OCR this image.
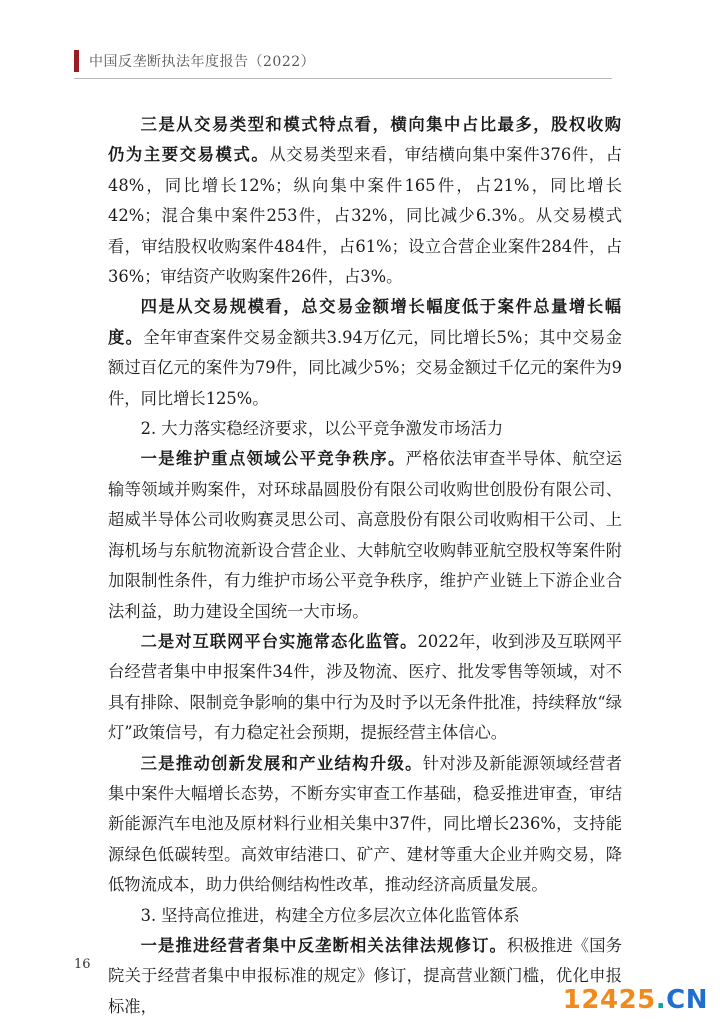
中国反垄断执法年度报告（2022）

三是从交易类型和模式特点看，横向集中占比最多，股权收购仍为主要交易模式。从交易类型来看，审结横向集中案件376件，占48%，同比增长12%；纵向集中案件165件，占21%，同比增长42%；混合集中案件253件，占32%，同比减少6.3%。从交易模式看，审结股权收购案件484件，占61%；设立合营企业案件284件，占36%；审结资产收购案件26件，占3%。

四是从交易规模看，总交易金额增长幅度低于案件总量增长幅度。全年审查案件交易金额共3.94万亿元，同比增长5%；其中交易金额过百亿元的案件为79件，同比减少5%；交易金额过千亿元的案件为9件，同比增长125%。

2. 大力落实稳经济要求，以公平竞争激发市场活力

一是维护重点领域公平竞争秩序。严格依法审查半导体、航空运输等领域并购案件，对环球晶圆股份有限公司收购世创股份有限公司、超威半导体公司收购赛灵思公司、高意股份有限公司收购相干公司、上海机场与东航物流新设合营企业、大韩航空收购韩亚航空股权等案件附加限制性条件，有力维护市场公平竞争秩序，维护产业链上下游企业合法利益，助力建设全国统一大市场。

二是对互联网平台实施常态化监管。2022年，收到涉及互联网平台经营者集中申报案件34件，涉及物流、医疗、批发零售等领域，对不具有排除、限制竞争影响的集中行为及时予以无条件批准，持续释放“绿灯”政策信号，有力稳定社会预期，提振经营主体信心。

三是推动创新发展和产业结构升级。针对涉及新能源领域经营者集中案件大幅增长态势，不断夯实审查工作基础，稳妥推进审查，审结新能源汽车电池及原材料行业相关集中37件，同比增长236%，支持能源绿色低碳转型。高效审结港口、矿产、建材等重大企业并购交易，降低物流成本，助力供给侧结构性改革，推动经济高质量发展。

3. 坚持高位推进，构建全方位多层次立体化监管体系

一是推进经营者集中反垄断相关法律法规修订。积极推进《国务院关于经营者集中申报标准的规定》修订，提高营业额门槛，优化申报标准，

16
12425 . CN
